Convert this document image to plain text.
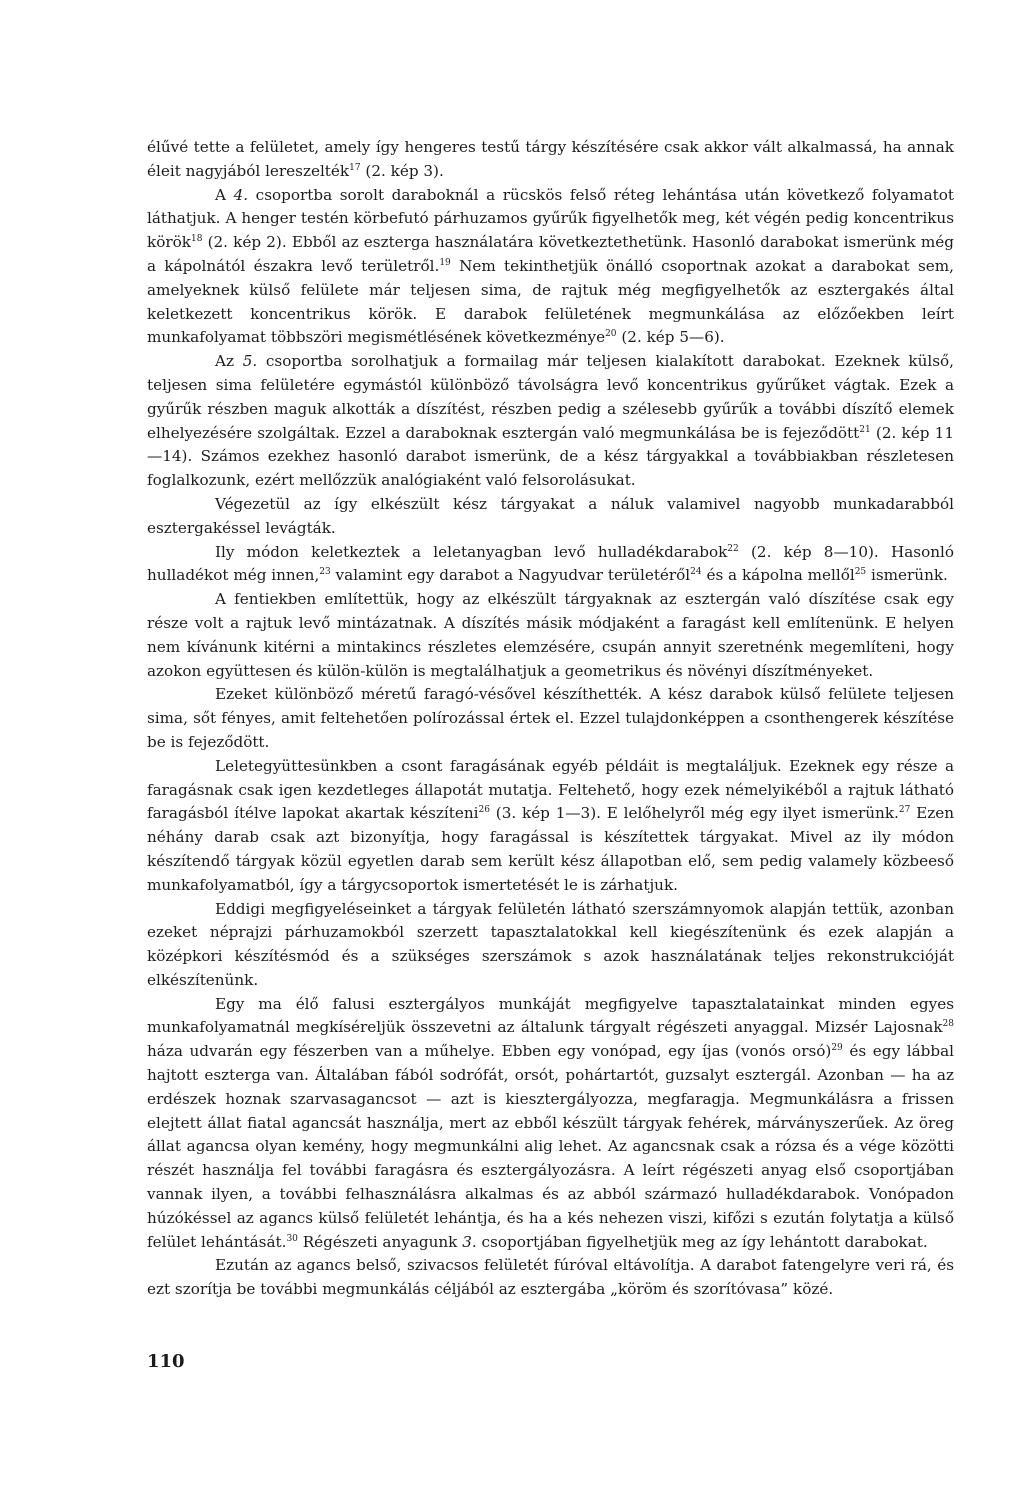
élűvé tette a felületet, amely így hengeres testű tárgy készítésére csak akkor vált alkalmassá, ha annak éleit nagyjából lereszelték$^{17}$ (2. kép 3).

A 4. csoportba sorolt daraboknál a rücskös felső réteg lehántása után következő folyamatot láthatjuk. A henger testén körbefutó párhuzamos gyűrűk figyelhetők meg, két végén pedig koncentrikus körök$^{18}$ (2. kép 2). Ebből az eszterga használatára következtethetünk. Hasonló darabokat ismerünk még a kápolnától északra levő területről.$^{19}$ Nem tekinthetjük önálló csoportnak azokat a darabokat sem, amelyeknek külső felülete már teljesen sima, de rajtuk még megfigyelhetők az esztergakés által keletkezett koncentrikus körök. E darabok felületének megmunkálása az előzőekben leírt munkafolyamat többszöri megismétlésének következménye$^{20}$ (2. kép 5—6).

Az 5. csoportba sorolhatjuk a formailag már teljesen kialakított darabokat. Ezeknek külső, teljesen sima felületére egymástól különböző távolságra levő koncentrikus gyűrűket vágtak. Ezek a gyűrűk részben maguk alkották a díszítést, részben pedig a szélesebb gyűrűk a további díszítő elemek elhelyezésére szolgáltak. Ezzel a daraboknak esztergán való megmunkálása be is fejeződött$^{21}$ (2. kép 11—14). Számos ezekhez hasonló darabot ismerünk, de a kész tárgyakkal a továbbiakban részletesen foglalkozunk, ezért mellőzzük analógiaként való felsorolásukat.

Végezetül az így elkészült kész tárgyakat a náluk valamivel nagyobb munkadarabból esztergakéssel levágták.

Ily módon keletkeztek a leletanyagban levő hulladékdarabok$^{22}$ (2. kép 8—10). Hasonló hulladékot még innen,$^{23}$ valamint egy darabot a Nagyudvar területéről$^{24}$ és a kápolna mellől$^{25}$ ismerünk.

A fentiekben említettük, hogy az elkészült tárgyaknak az esztergán való díszítése csak egy része volt a rajtuk levő mintázatnak. A díszítés másik módjaként a faragást kell említenünk. E helyen nem kívánunk kitérni a mintakincs részletes elemzésére, csupán annyit szeretnénk megemlíteni, hogy azokon együttesen és külön-külön is megtalálhatjuk a geometrikus és növényi díszítményeket.

Ezeket különböző méretű faragó-vésővel készíthették. A kész darabok külső felülete teljesen sima, sőt fényes, amit feltehetően polírozással értek el. Ezzel tulajdonképpen a csonthengerek készítése be is fejeződött.

Leletegyüttesünkben a csont faragásának egyéb példáit is megtaláljuk. Ezeknek egy része a faragásnak csak igen kezdetleges állapotát mutatja. Feltehető, hogy ezek némelyikéből a rajtuk látható faragásból ítélve lapokat akartak készíteni$^{26}$ (3. kép 1—3). E lelőhelyről még egy ilyet ismerünk.$^{27}$ Ezen néhány darab csak azt bizonyítja, hogy faragással is készítettek tárgyakat. Mivel az ily módon készítendő tárgyak közül egyetlen darab sem került kész állapotban elő, sem pedig valamely közbeeső munkafolyamatból, így a tárgycsoportok ismertetését le is zárhatjuk.

Eddigi megfigyeléseinket a tárgyak felületén látható szerszámnyomok alapján tettük, azonban ezeket néprajzi párhuzamokból szerzett tapasztalatokkal kell kiegészítenünk és ezek alapján a középkori készítésmód és a szükséges szerszámok s azok használatának teljes rekonstrukcióját elkészítenünk.

Egy ma élő falusi esztergályos munkáját megfigyelve tapasztalatainkat minden egyes munkafolyamatnál megkíséreljük összevetni az általunk tárgyalt régészeti anyaggal. Mizsér Lajosnak$^{28}$ háza udvarán egy fészerben van a műhelye. Ebben egy vonópad, egy íjas (vonós orsó)$^{29}$ és egy lábbal hajtott eszterga van. Általában fából sodrófát, orsót, pohártartót, guzsalyt esztergál. Azonban — ha az erdészek hoznak szarvasagancsot — azt is kiesztergályozza, megfaragja. Megmunkálásra a frissen elejtett állat fiatal agancsát használja, mert az ebből készült tárgyak fehérek, márványszerűek. Az öreg állat agancsa olyan kemény, hogy megmunkálni alig lehet. Az agancsnak csak a rózsa és a vége közötti részét használja fel további faragásra és esztergályozásra. A leírt régészeti anyag első csoportjában vannak ilyen, a további felhasználásra alkalmas és az abból származó hulladékdarabok. Vonópadon húzókéssel az agancs külső felületét lehántja, és ha a kés nehezen viszi, kifőzi s ezután folytatja a külső felület lehántását.$^{30}$ Régészeti anyagunk 3. csoportjában figyelhetjük meg az így lehántott darabokat.

Ezután az agancs belső, szivacsos felületét fúróval eltávolítja. A darabot fatengelyre veri rá, és ezt szorítja be további megmunkálás céljából az esztergába „köröm és szorítóvasa” közé.

110
